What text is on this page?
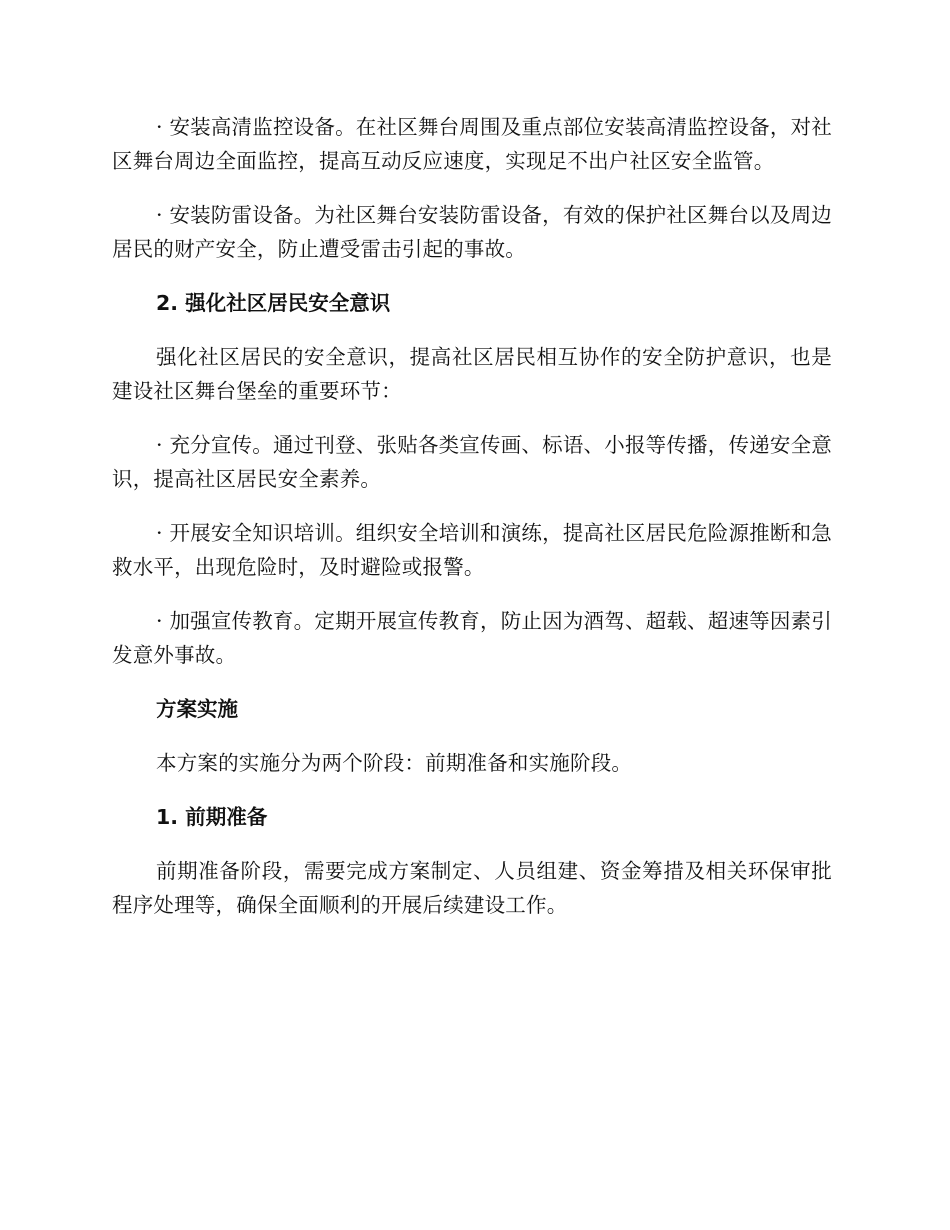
· 安装高清监控设备。在社区舞台周围及重点部位安装高清监控设备，对社区舞台周边全面监控，提高互动反应速度，实现足不出户社区安全监管。

· 安装防雷设备。为社区舞台安装防雷设备，有效的保护社区舞台以及周边居民的财产安全，防止遭受雷击引起的事故。

2. 强化社区居民安全意识

强化社区居民的安全意识，提高社区居民相互协作的安全防护意识，也是建设社区舞台堡垒的重要环节：

· 充分宣传。通过刊登、张贴各类宣传画、标语、小报等传播，传递安全意识，提高社区居民安全素养。

· 开展安全知识培训。组织安全培训和演练，提高社区居民危险源推断和急救水平，出现危险时，及时避险或报警。

· 加强宣传教育。定期开展宣传教育，防止因为酒驾、超载、超速等因素引发意外事故。

方案实施

本方案的实施分为两个阶段：前期准备和实施阶段。

1. 前期准备

前期准备阶段，需要完成方案制定、人员组建、资金筹措及相关环保审批程序处理等，确保全面顺利的开展后续建设工作。
